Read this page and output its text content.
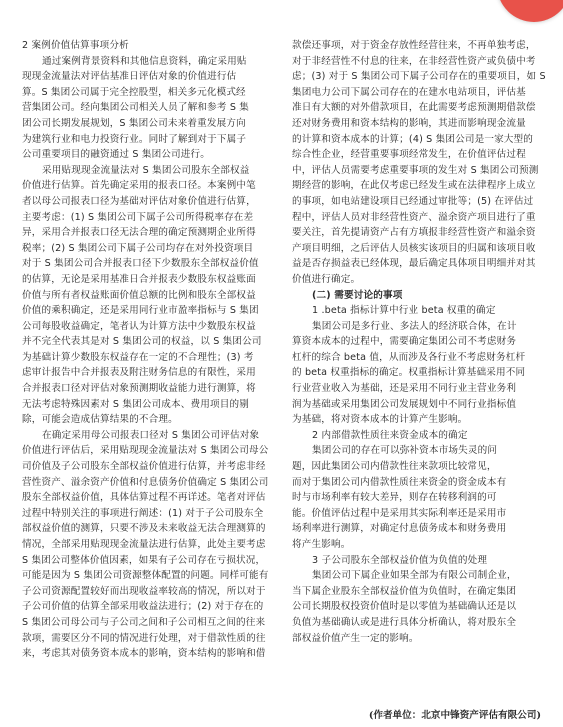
2 案例价值估算事项分析
通过案例背景资料和其他信息资料，确定采用贴
现现金流量法对评估基准日评估对象的价值进行估
算。S 集团公司属于完全控股型，相关多元化模式经
营集团公司。经向集团公司相关人员了解和参考 S 集
团公司长期发展规划，S 集团公司未来着重发展方向
为建筑行业和电力投资行业。同时了解到对于下属子
公司重要项目的融资通过 S 集团公司进行。
采用贴现现金流量法对 S 集团公司股东全部权益
价值进行估算。首先确定采用的报表口径。本案例中笔
者以母公司报表口径为基础对评估对象价值进行估算，
主要考虑：(1) S 集团公司下属子公司所得税率存在差
异，采用合并报表口径无法合理的确定预测期企业所得
税率；(2) S 集团公司下属子公司均存在对外投资项目
对于 S 集团公司合并报表口径下少数股东全部权益价值
的估算，无论是采用基准日合并报表少数股东权益账面
价值与所有者权益账面价值总额的比例和股东全部权益
价值的乘积确定，还是采用同行业市盈率指标与 S 集团
公司每股收益确定，笔者认为计算方法中少数股东权益
并不完全代表其是对 S 集团公司的权益，以 S 集团公司
为基础计算少数股东权益存在一定的不合理性；(3) 考
虑审计报告中合并报表及附注财务信息的有限性，采用
合并报表口径对评估对象预测期收益能力进行测算，将
无法考虑特殊因素对 S 集团公司成本、费用项目的剔
除，可能会造成估算结果的不合理。
在确定采用母公司报表口径对 S 集团公司评估对象
价值进行评估后，采用贴现现金流量法对 S 集团公司母公
司价值及子公司股东全部权益价值进行估算，并考虑非经
营性资产、溢余资产价值和付息债务价值确定 S 集团公司
股东全部权益价值，具体估算过程不再详述。笔者对评估
过程中特别关注的事项进行阐述：(1) 对于子公司股东全
部权益价值的测算，只要不涉及未来收益无法合理测算的
情况，全部采用贴现现金流量法进行估算，此处主要考虑
S 集团公司整体价值因素，如果有子公司存在亏损状况，
可能是因为 S 集团公司资源整体配置的问题。同样可能有
子公司资源配置较好而出现收益率较高的情况，所以对于
子公司价值的估算全部采用收益法进行；(2) 对于存在的
S 集团公司母公司与子公司之间和子公司相互之间的往来
款项，需要区分不同的情况进行处理，对于借款性质的往
来，考虑其对债务资本成本的影响，资本结构的影响和借
款偿还事项，对于资金存放性经营往来，不再单独考虑，
对于非经营性不付息的往来，在非经营性资产或负债中考
虑；(3) 对于 S 集团公司下属子公司存在的重要项目，如 S
集团电力公司下属公司存在的在建水电站项目，评估基
准日有大额的对外借款项目，在此需要考虑预测期借款偿
还对财务费用和资本结构的影响，其进而影响现金流量
的计算和资本成本的计算；(4) S 集团公司是一家大型的
综合性企业，经营重要事项经常发生，在价值评估过程
中，评估人员需要考虑重要事项的发生对 S 集团公司预测
期经营的影响，在此仅考虑已经发生或在法律程序上成立
的事项，如电站建设项目已经通过审批等；(5) 在评估过
程中，评估人员对非经营性资产、溢余资产项目进行了重
要关注，首先提请资产占有方填报非经营性资产和溢余资
产项目明细，之后评估人员核实该项目的归属和该项目收
益是否存损益表已经体现，最后确定具体项目明细并对其
价值进行确定。
(二) 需要讨论的事项
1 .beta 指标计算中行业 beta 权重的确定
集团公司是多行业、多法人的经济联合体，在计
算资本成本的过程中，需要确定集团公司不考虑财务
杠杆的综合 beta 值，从而涉及各行业不考虑财务杠杆
的 beta 权重指标的确定。权重指标计算基础采用不同
行业营业收入为基础，还是采用不同行业主营业务利
润为基础或采用集团公司发展规划中不同行业指标值
为基础，将对资本成本的计算产生影响。
2 内部借款性质往来资金成本的确定
集团公司的存在可以弥补资本市场失灵的问
题，因此集团公司内借款性往来款项比较常见，
而对于集团公司内借款性质往来资金的资金成本有
时与市场利率有较大差异，则存在转移利润的可
能。价值评估过程中是采用其实际利率还是采用市
场利率进行测算，对确定付息债务成本和财务费用
将产生影响。
3 子公司股东全部权益价值为负值的处理
集团公司下属企业如果全部为有限公司制企业，
当下属企业股东全部权益价值为负值时，在确定集团
公司长期股权投资价值时是以零值为基础确认还是以
负值为基础确认或是进行具体分析确认，将对股东全
部权益价值产生一定的影响。
(作者单位：北京中锋资产评估有限公司)
